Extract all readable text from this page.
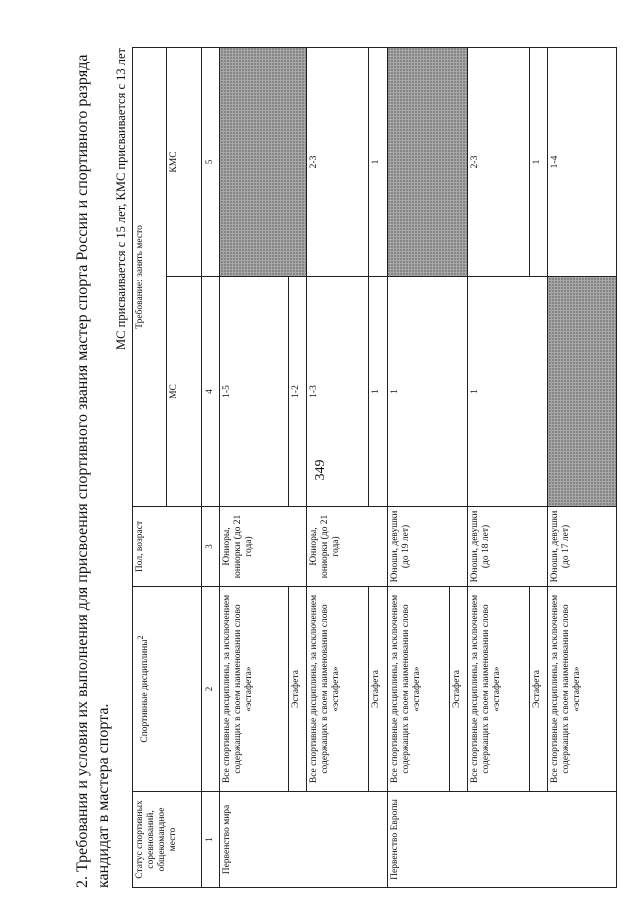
349
2. Требования и условия их выполнения для присвоения спортивного звания мастер спорта России и спортивного разряда кандидат в мастера спорта.
МС присваивается с 15 лет, КМС присваивается с 13 лет
Статус спортивных соревнований, общекомандное место	Спортивные дисциплины$^2$	Пол, возраст	Требование: занять место	
			МС	КМС
1	2	3	4	5
Первенство мира	Все спортивные дисциплины, за исключением содержащих в своем наименовании слово «эстафета»	Юниоры, юниорки (до 21 года)	1-5	
	Эстафета		1-2	
	Все спортивные дисциплины, за исключением содержащих в своем наименовании слово «эстафета»	Юниоры, юниорки (до 21 года)	1-3	2-3
	Эстафета		1	1
Первенство Европы	Все спортивные дисциплины, за исключением содержащих в своем наименовании слово «эстафета»	Юноши, девушки (до 19 лет)	1	
	Эстафета			
	Все спортивные дисциплины, за исключением содержащих в своем наименовании слово «эстафета»	Юноши, девушки (до 18 лет)	1	2-3
	Эстафета			1
	Все спортивные дисциплины, за исключением содержащих в своем наименовании слово «эстафета»	Юноши, девушки (до 17 лет)		1-4
